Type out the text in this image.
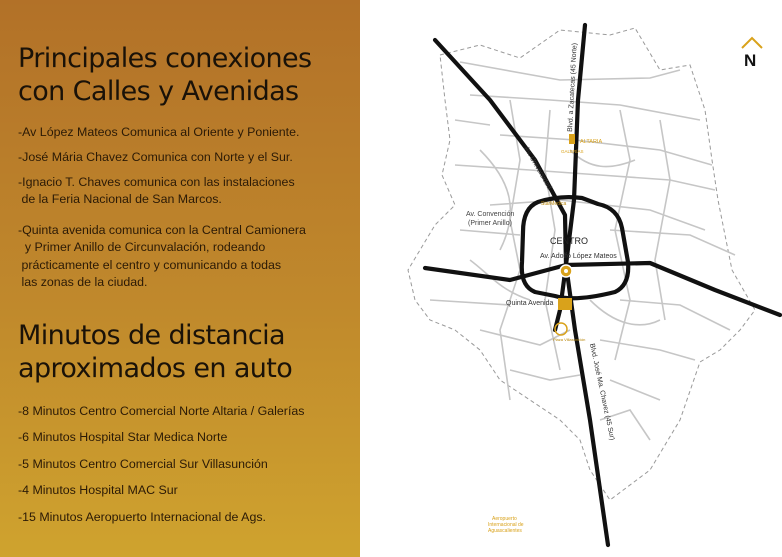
Principales conexiones
con Calles y Avenidas
-Av López Mateos Comunica al Oriente y Poniente.
-José Mária Chavez Comunica con Norte y el Sur.
-Ignacio T. Chaves comunica con las instalaciones
de la Feria Nacional de San Marcos.
-Quinta avenida comunica con la Central Camionera
y Primer Anillo de Circunvalación, rodeando
prácticamente el centro y comunicando a todas
las zonas de la ciudad.
Minutos de distancia
aproximados en auto
-8 Minutos Centro Comercial Norte Altaria / Galerías
-6 Minutos Hospital Star Medica Norte
-5 Minutos Centro Comercial Sur Villasunción
-4 Minutos Hospital MAC Sur
-15 Minutos Aeropuerto Internacional de Ags.
N
CENTRO
Av. Adolfo López Mateos
Av. Convención
(Primer Anillo)
Quinta Avenida
Blvd. a Zacatecas (45 Norte)
Av. Universidad
Blvd. José Ma. Chavez (45 Sur)
ALTARIA
GALERÍAS
StarMedica
Plaza Villasunción
Aeropuerto
Internacional de
Aguascalientes
